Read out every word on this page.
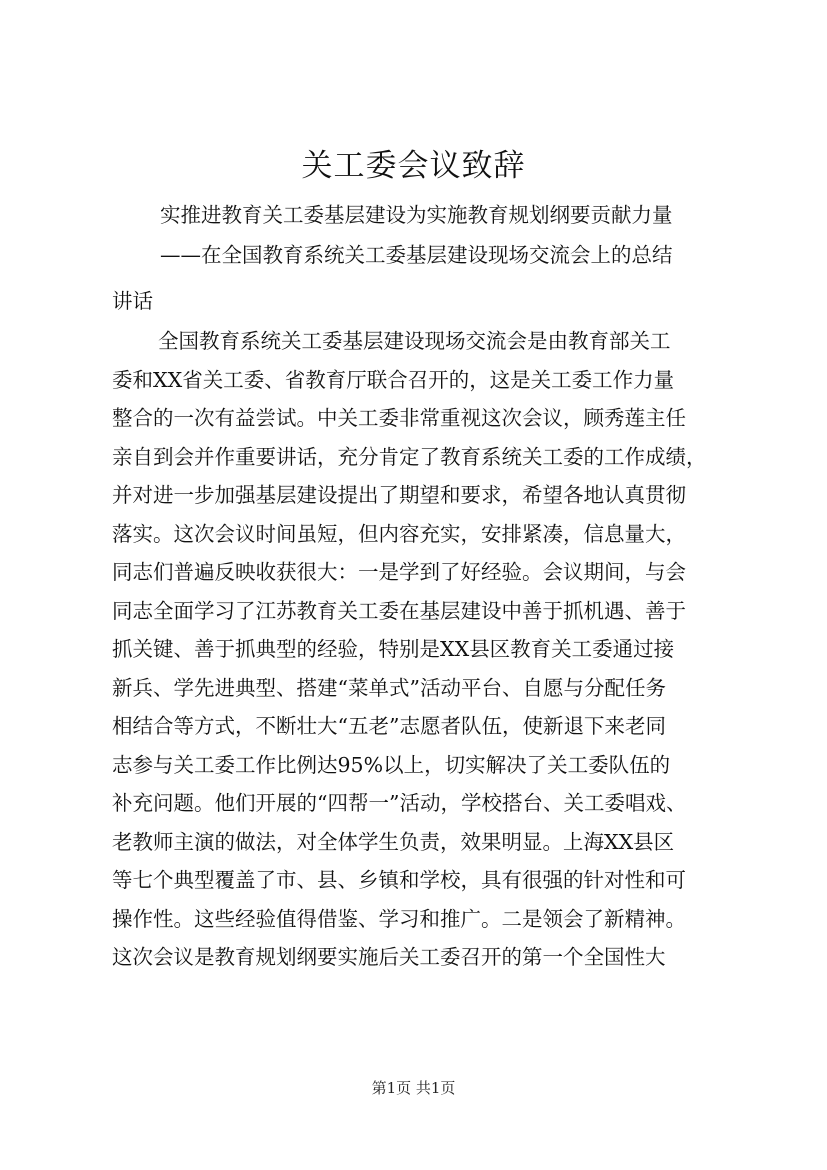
关工委会议致辞

实推进教育关工委基层建设为实施教育规划纲要贡献力量

——在全国教育系统关工委基层建设现场交流会上的总结

讲话

全国教育系统关工委基层建设现场交流会是由教育部关工

委和XX省关工委、省教育厅联合召开的，这是关工委工作力量

整合的一次有益尝试。中关工委非常重视这次会议，顾秀莲主任

亲自到会并作重要讲话，充分肯定了教育系统关工委的工作成绩，

并对进一步加强基层建设提出了期望和要求，希望各地认真贯彻

落实。这次会议时间虽短，但内容充实，安排紧凑，信息量大，

同志们普遍反映收获很大：一是学到了好经验。会议期间，与会

同志全面学习了江苏教育关工委在基层建设中善于抓机遇、善于

抓关键、善于抓典型的经验，特别是XX县区教育关工委通过接

新兵、学先进典型、搭建“菜单式”活动平台、自愿与分配任务

相结合等方式，不断壮大“五老”志愿者队伍，使新退下来老同

志参与关工委工作比例达95%以上，切实解决了关工委队伍的

补充问题。他们开展的“四帮一”活动，学校搭台、关工委唱戏、

老教师主演的做法，对全体学生负责，效果明显。上海XX县区

等七个典型覆盖了市、县、乡镇和学校，具有很强的针对性和可

操作性。这些经验值得借鉴、学习和推广。二是领会了新精神。

这次会议是教育规划纲要实施后关工委召开的第一个全国性大

第1页 共1页
